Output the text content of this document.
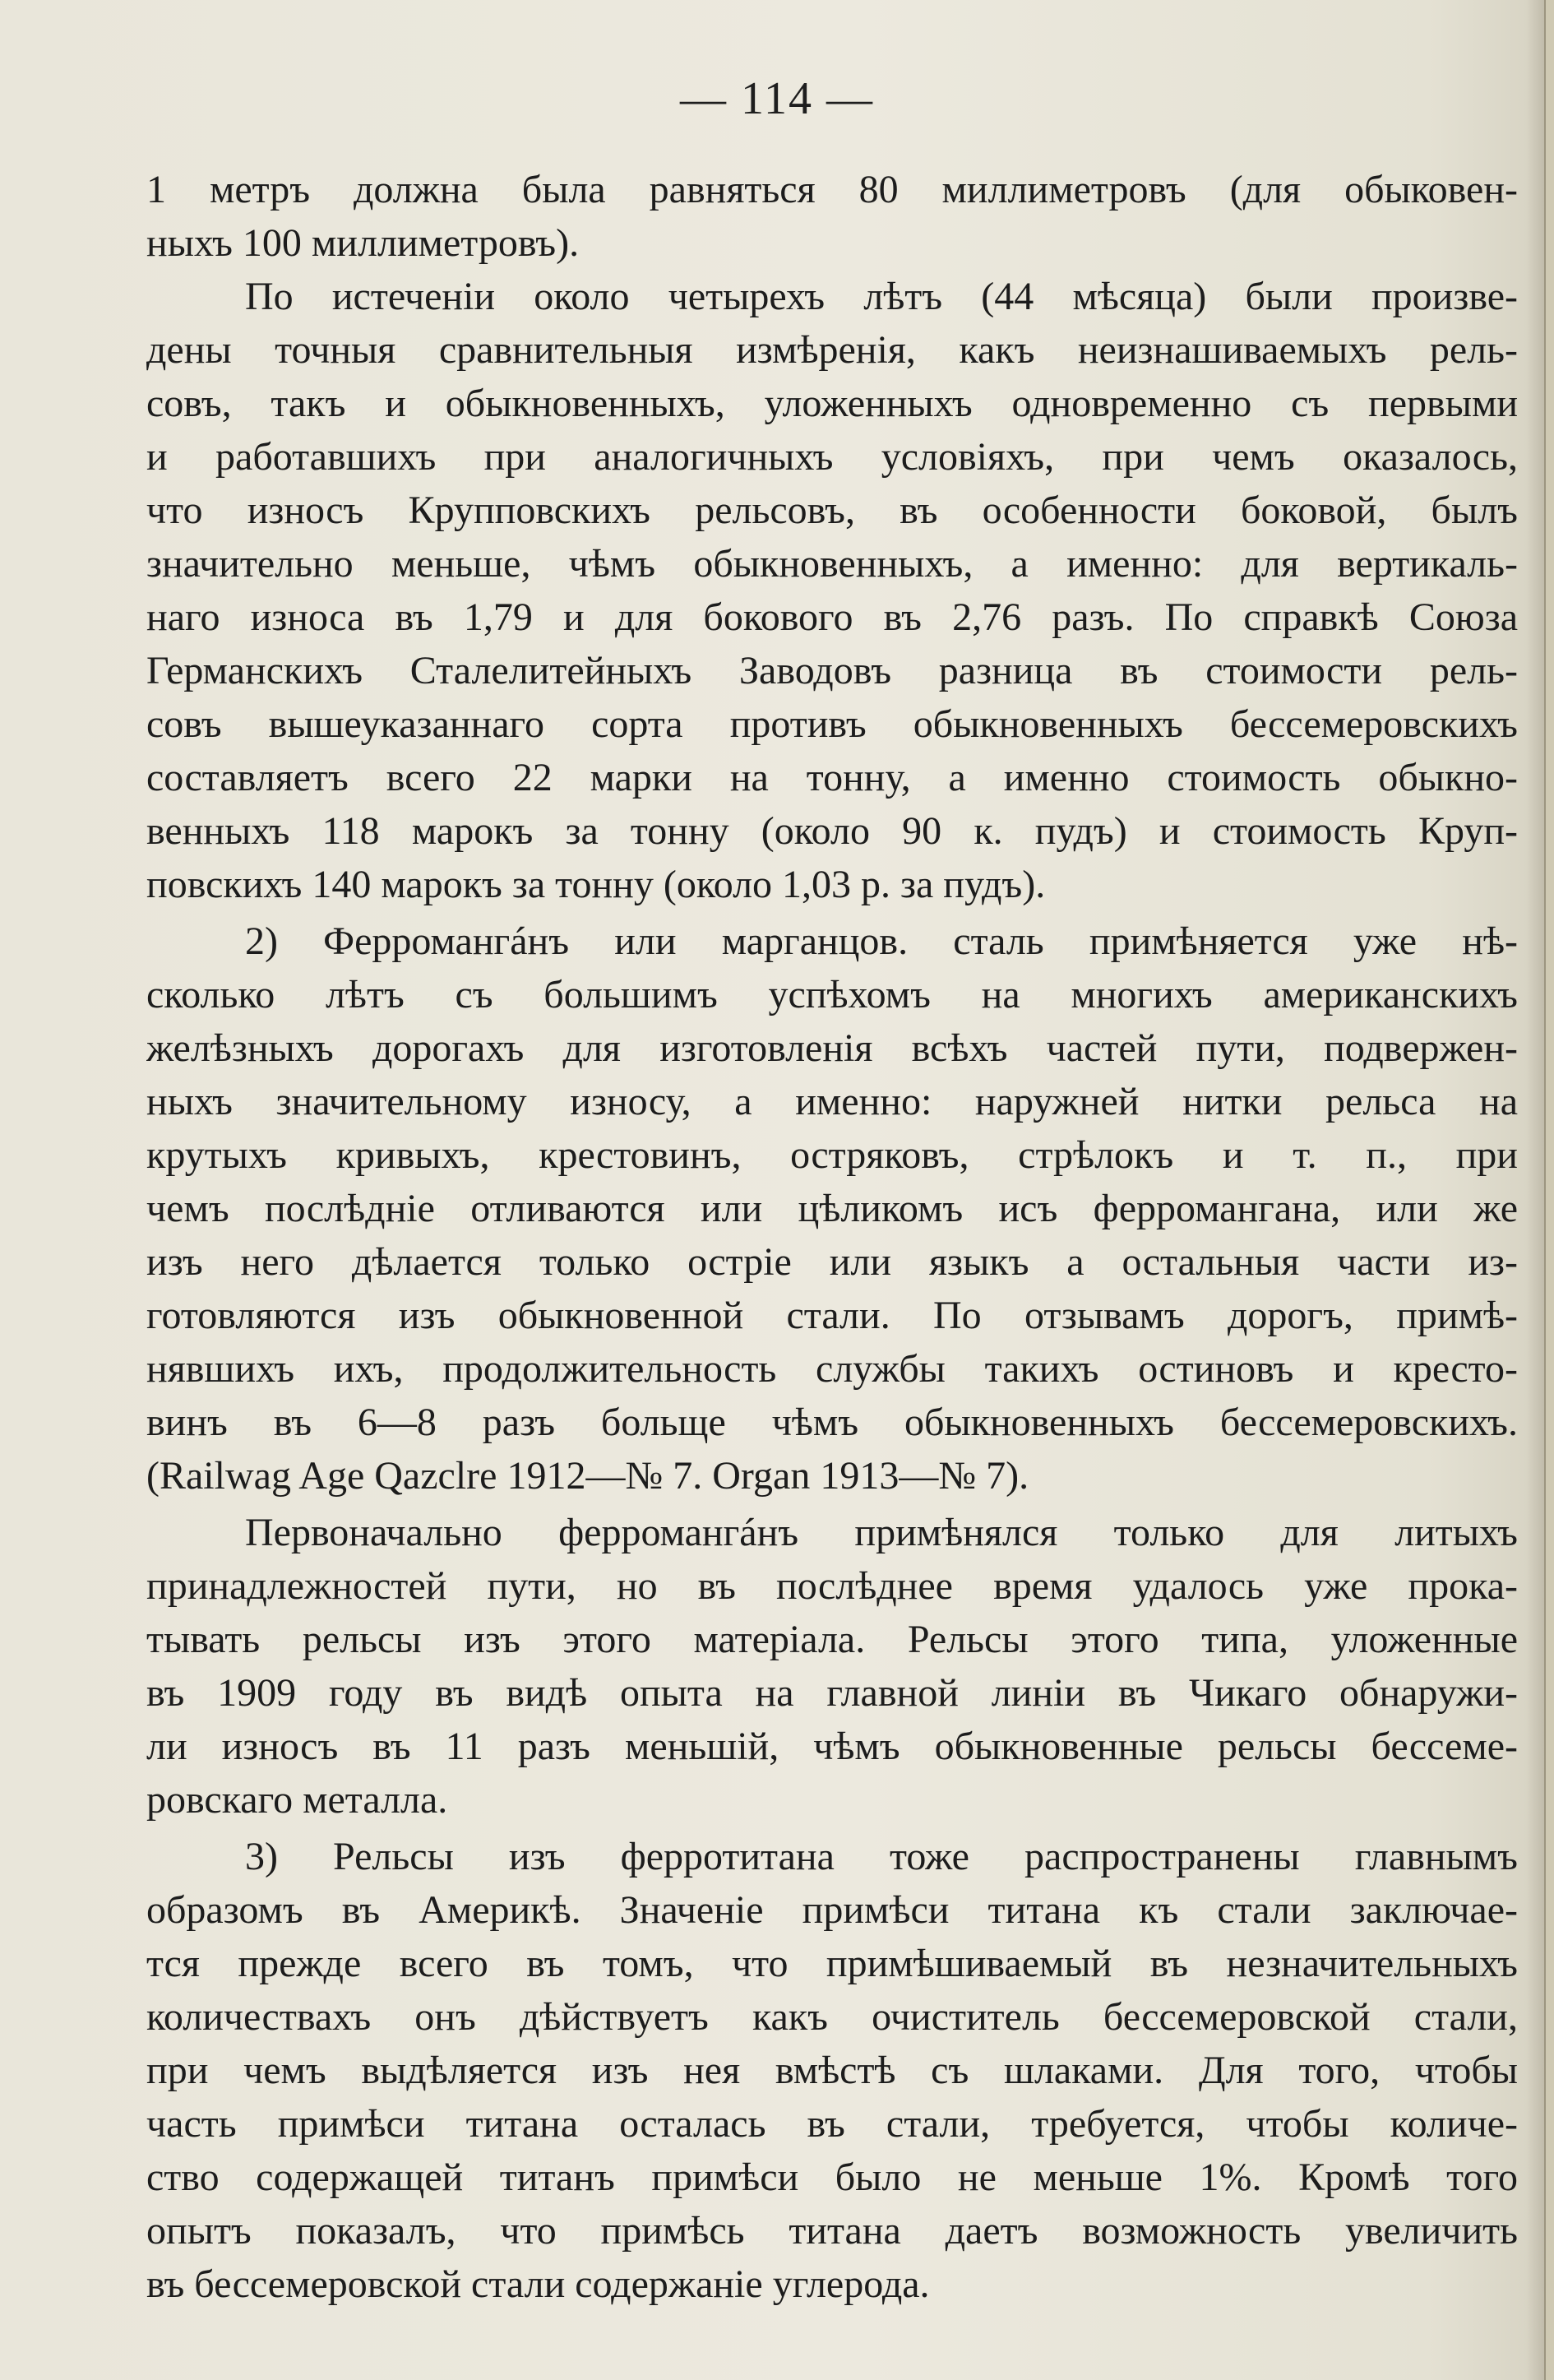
— 114 —
1 метръ должна была равняться 80 миллиметровъ (для обыковен-
ныхъ 100 миллиметровъ).
По истеченіи около четырехъ лѣтъ (44 мѣсяца) были произве-
дены точныя сравнительныя измѣренія, какъ неизнашиваемыхъ рель-
совъ, такъ и обыкновенныхъ, уложенныхъ одновременно съ первыми
и работавшихъ при аналогичныхъ условіяхъ, при чемъ оказалось,
что износъ Крупповскихъ рельсовъ, въ особенности боковой, былъ
значительно меньше, чѣмъ обыкновенныхъ, а именно: для вертикаль-
наго износа въ 1,79 и для бокового въ 2,76 разъ. По справкѣ Союза
Германскихъ Сталелитейныхъ Заводовъ разница въ стоимости рель-
совъ вышеуказаннаго сорта противъ обыкновенныхъ бессемеровскихъ
составляетъ всего 22 марки на тонну, а именно стоимость обыкно-
венныхъ 118 марокъ за тонну (около 90 к. пудъ) и стоимость Круп-
повскихъ 140 марокъ за тонну (около 1,03 р. за пудъ).
2) Ферромангáнъ или марганцов. сталь примѣняется уже нѣ-
сколько лѣтъ съ большимъ успѣхомъ на многихъ американскихъ
желѣзныхъ дорогахъ для изготовленія всѣхъ частей пути, подвержен-
ныхъ значительному износу, а именно: наружней нитки рельса на
крутыхъ кривыхъ, крестовинъ, остряковъ, стрѣлокъ и т. п., при
чемъ послѣдніе отливаются или цѣликомъ исъ ферромангана, или же
изъ него дѣлается только остріе или языкъ а остальныя части из-
готовляются изъ обыкновенной стали. По отзывамъ дорогъ, примѣ-
нявшихъ ихъ, продолжительность службы такихъ остиновъ и кресто-
винъ въ 6—8 разъ больще чѣмъ обыкновенныхъ бессемеровскихъ.
(Railwag Age Qazclre 1912—№ 7. Organ 1913—№ 7).
Первоначально ферромангáнъ примѣнялся только для литыхъ
принадлежностей пути, но въ послѣднее время удалось уже прока-
тывать рельсы изъ этого матеріала. Рельсы этого типа, уложенные
въ 1909 году въ видѣ опыта на главной линіи въ Чикаго обнаружи-
ли износъ въ 11 разъ меньшій, чѣмъ обыкновенные рельсы бессеме-
ровскаго металла.
3) Рельсы изъ ферротитана тоже распространены главнымъ
образомъ въ Америкѣ. Значеніе примѣси титана къ стали заключае-
тся прежде всего въ томъ, что примѣшиваемый въ незначительныхъ
количествахъ онъ дѣйствуетъ какъ очиститель бессемеровской стали,
при чемъ выдѣляется изъ нея вмѣстѣ съ шлаками. Для того, чтобы
часть примѣси титана осталась въ стали, требуется, чтобы количе-
ство содержащей титанъ примѣси было не меньше 1%. Кромѣ того
опытъ показалъ, что примѣсь титана даетъ возможность увеличить
въ бессемеровской стали содержаніе углерода.
